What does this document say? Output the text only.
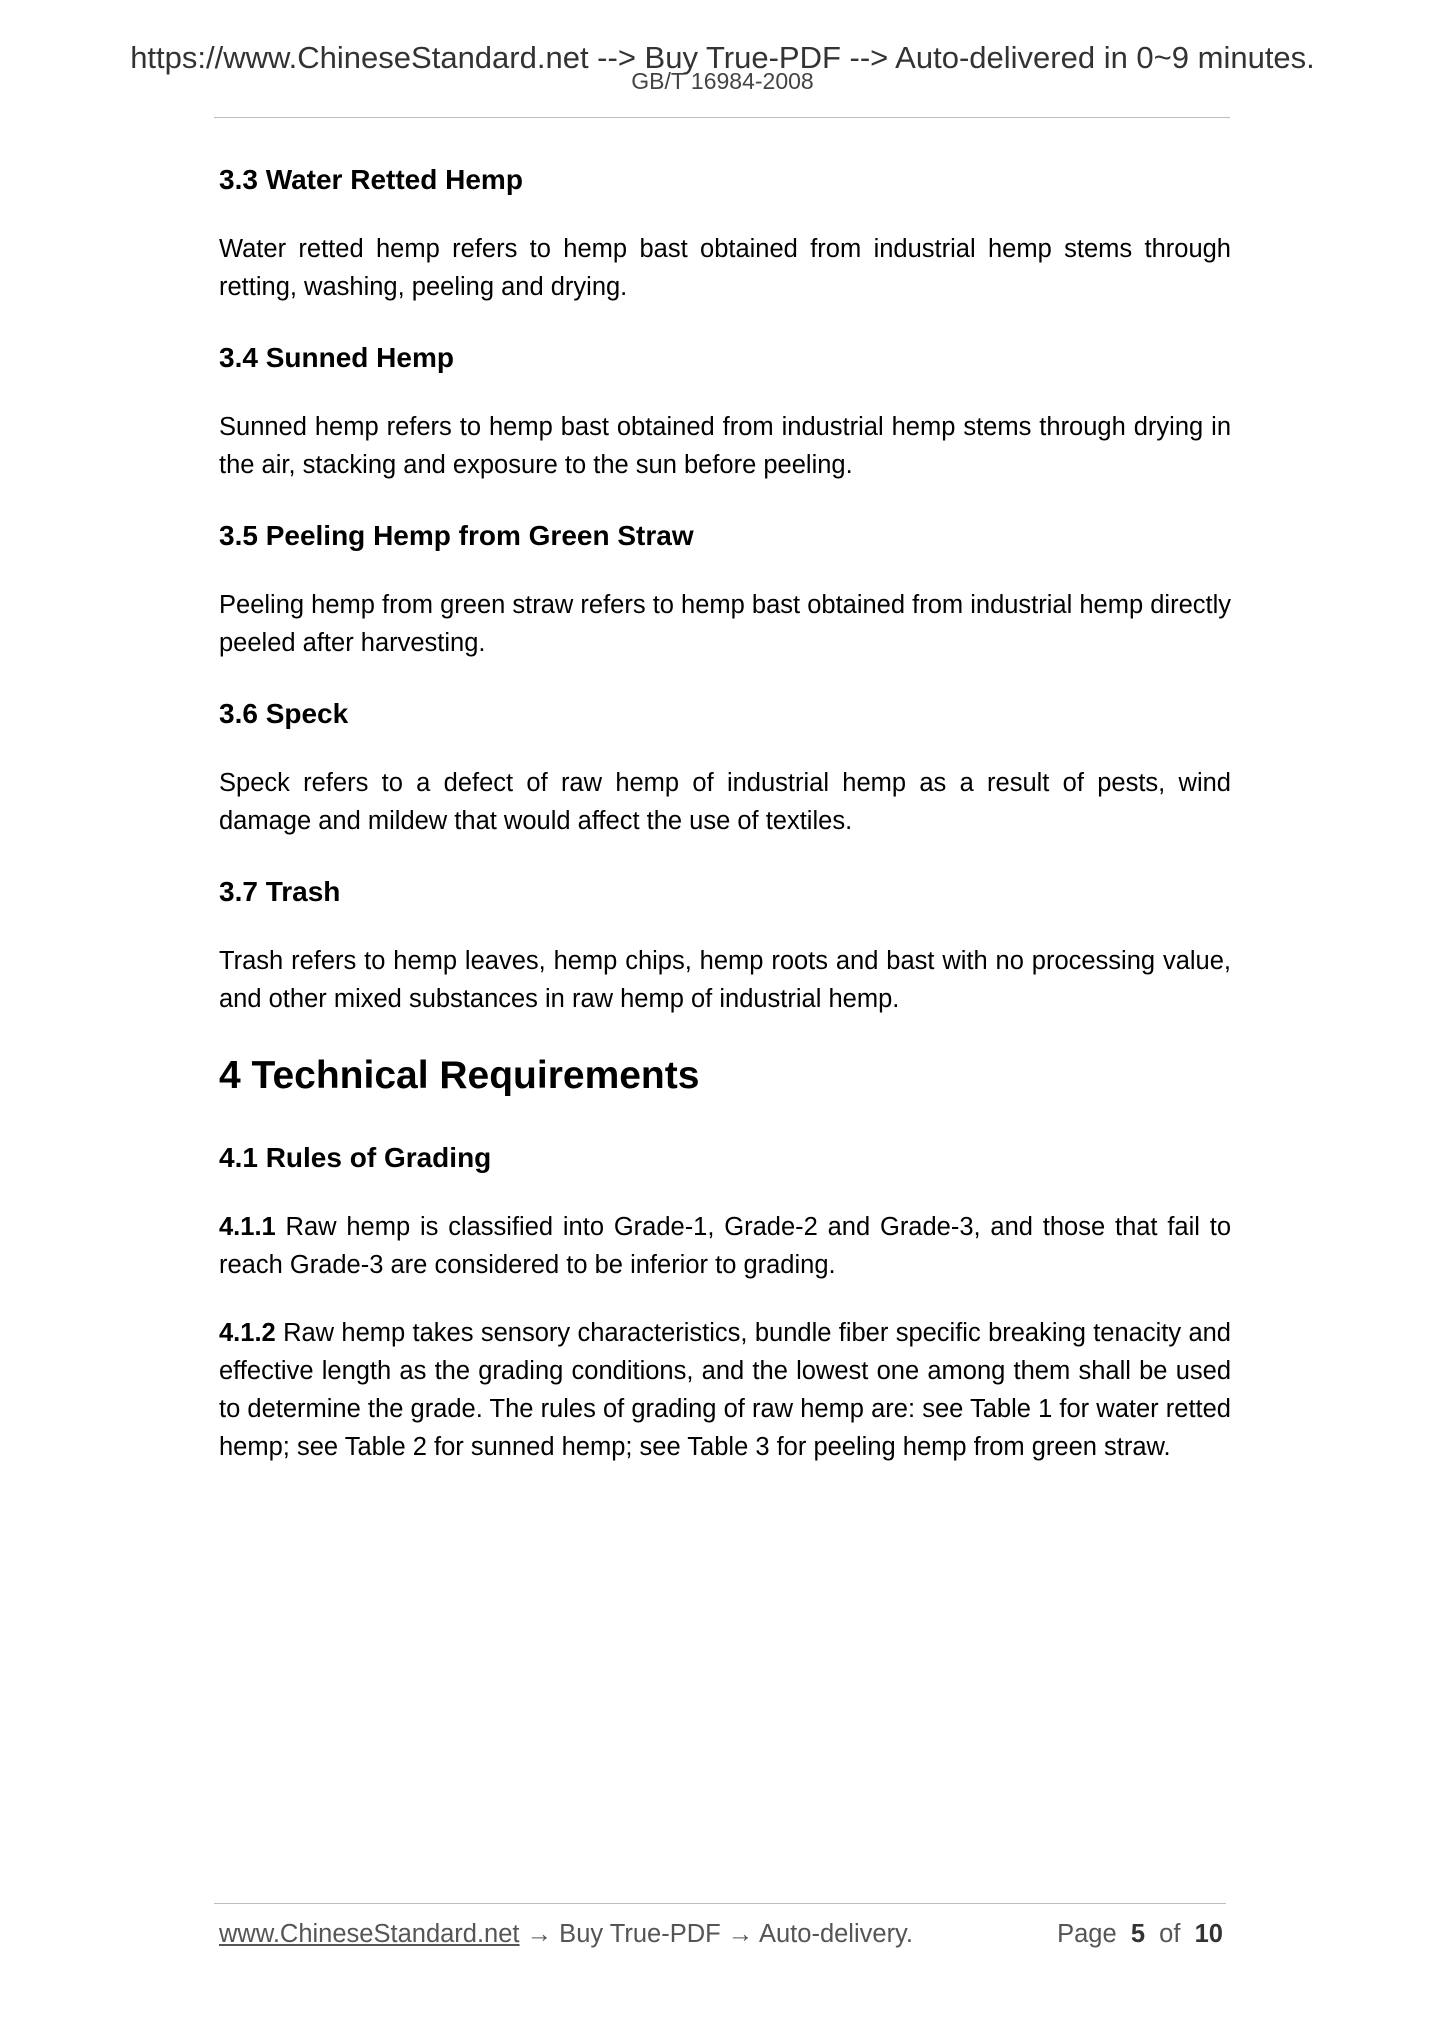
https://www.ChineseStandard.net --> Buy True-PDF --> Auto-delivered in 0~9 minutes.
GB/T 16984-2008
3.3 Water Retted Hemp

Water retted hemp refers to hemp bast obtained from industrial hemp stems through retting, washing, peeling and drying.

3.4 Sunned Hemp

Sunned hemp refers to hemp bast obtained from industrial hemp stems through drying in the air, stacking and exposure to the sun before peeling.

3.5 Peeling Hemp from Green Straw

Peeling hemp from green straw refers to hemp bast obtained from industrial hemp directly peeled after harvesting.

3.6 Speck

Speck refers to a defect of raw hemp of industrial hemp as a result of pests, wind damage and mildew that would affect the use of textiles.

3.7 Trash

Trash refers to hemp leaves, hemp chips, hemp roots and bast with no processing value, and other mixed substances in raw hemp of industrial hemp.

4 Technical Requirements
4.1 Rules of Grading

4.1.1 Raw hemp is classified into Grade-1, Grade-2 and Grade-3, and those that fail to reach Grade-3 are considered to be inferior to grading.

4.1.2 Raw hemp takes sensory characteristics, bundle fiber specific breaking tenacity and effective length as the grading conditions, and the lowest one among them shall be used to determine the grade. The rules of grading of raw hemp are: see Table 1 for water retted hemp; see Table 2 for sunned hemp; see Table 3 for peeling hemp from green straw.

www.ChineseStandard.net → Buy True-PDF → Auto-delivery.	Page 5 of 10
